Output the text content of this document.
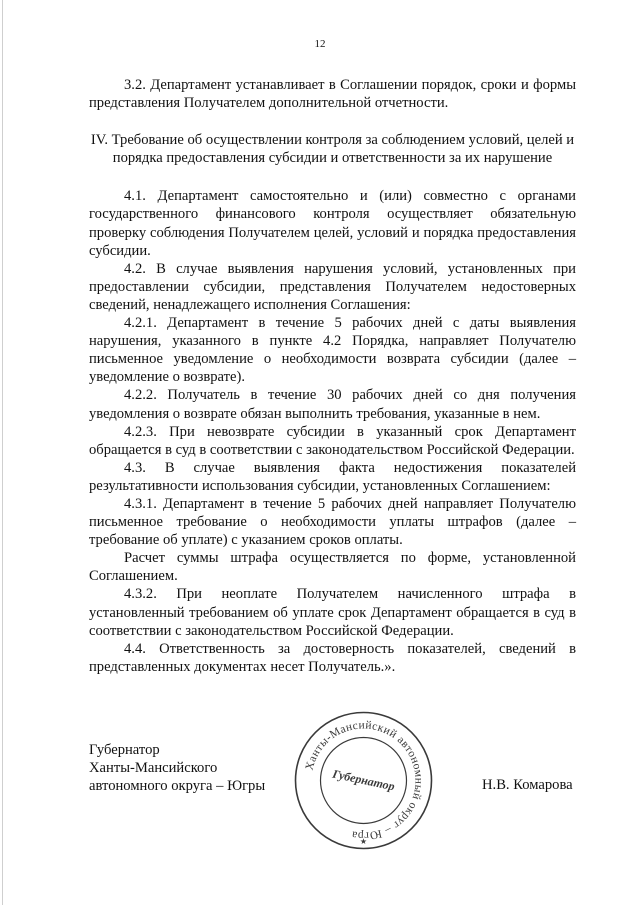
12

3.2. Департамент устанавливает в Соглашении порядок, сроки и формы представления Получателем дополнительной отчетности.

IV. Требование об осуществлении контроля за соблюдением условий, целей и порядка предоставления субсидии и ответственности за их нарушение

4.1. Департамент самостоятельно и (или) совместно с органами государственного финансового контроля осуществляет обязательную проверку соблюдения Получателем целей, условий и порядка предоставления субсидии.

4.2. В случае выявления нарушения условий, установленных при предоставлении субсидии, представления Получателем недостоверных сведений, ненадлежащего исполнения Соглашения:

4.2.1. Департамент в течение 5 рабочих дней с даты выявления нарушения, указанного в пункте 4.2 Порядка, направляет Получателю письменное уведомление о необходимости возврата субсидии (далее – уведомление о возврате).

4.2.2. Получатель в течение 30 рабочих дней со дня получения уведомления о возврате обязан выполнить требования, указанные в нем.

4.2.3. При невозврате субсидии в указанный срок Департамент обращается в суд в соответствии с законодательством Российской Федерации.

4.3. В случае выявления факта недостижения показателей результативности использования субсидии, установленных Соглашением:

4.3.1. Департамент в течение 5 рабочих дней направляет Получателю письменное требование о необходимости уплаты штрафов (далее – требование об уплате) с указанием сроков оплаты.

Расчет суммы штрафа осуществляется по форме, установленной Соглашением.

4.3.2. При неоплате Получателем начисленного штрафа в установленный требованием об уплате срок Департамент обращается в суд в соответствии с законодательством Российской Федерации.

4.4. Ответственность за достоверность показателей, сведений в представленных документах несет Получатель.».

Губернатор
Ханты-Мансийского
автономного округа – Югры
Ханты-Мансийский автономный округ – Югра
Губернатор
★
Н.В. Комарова
